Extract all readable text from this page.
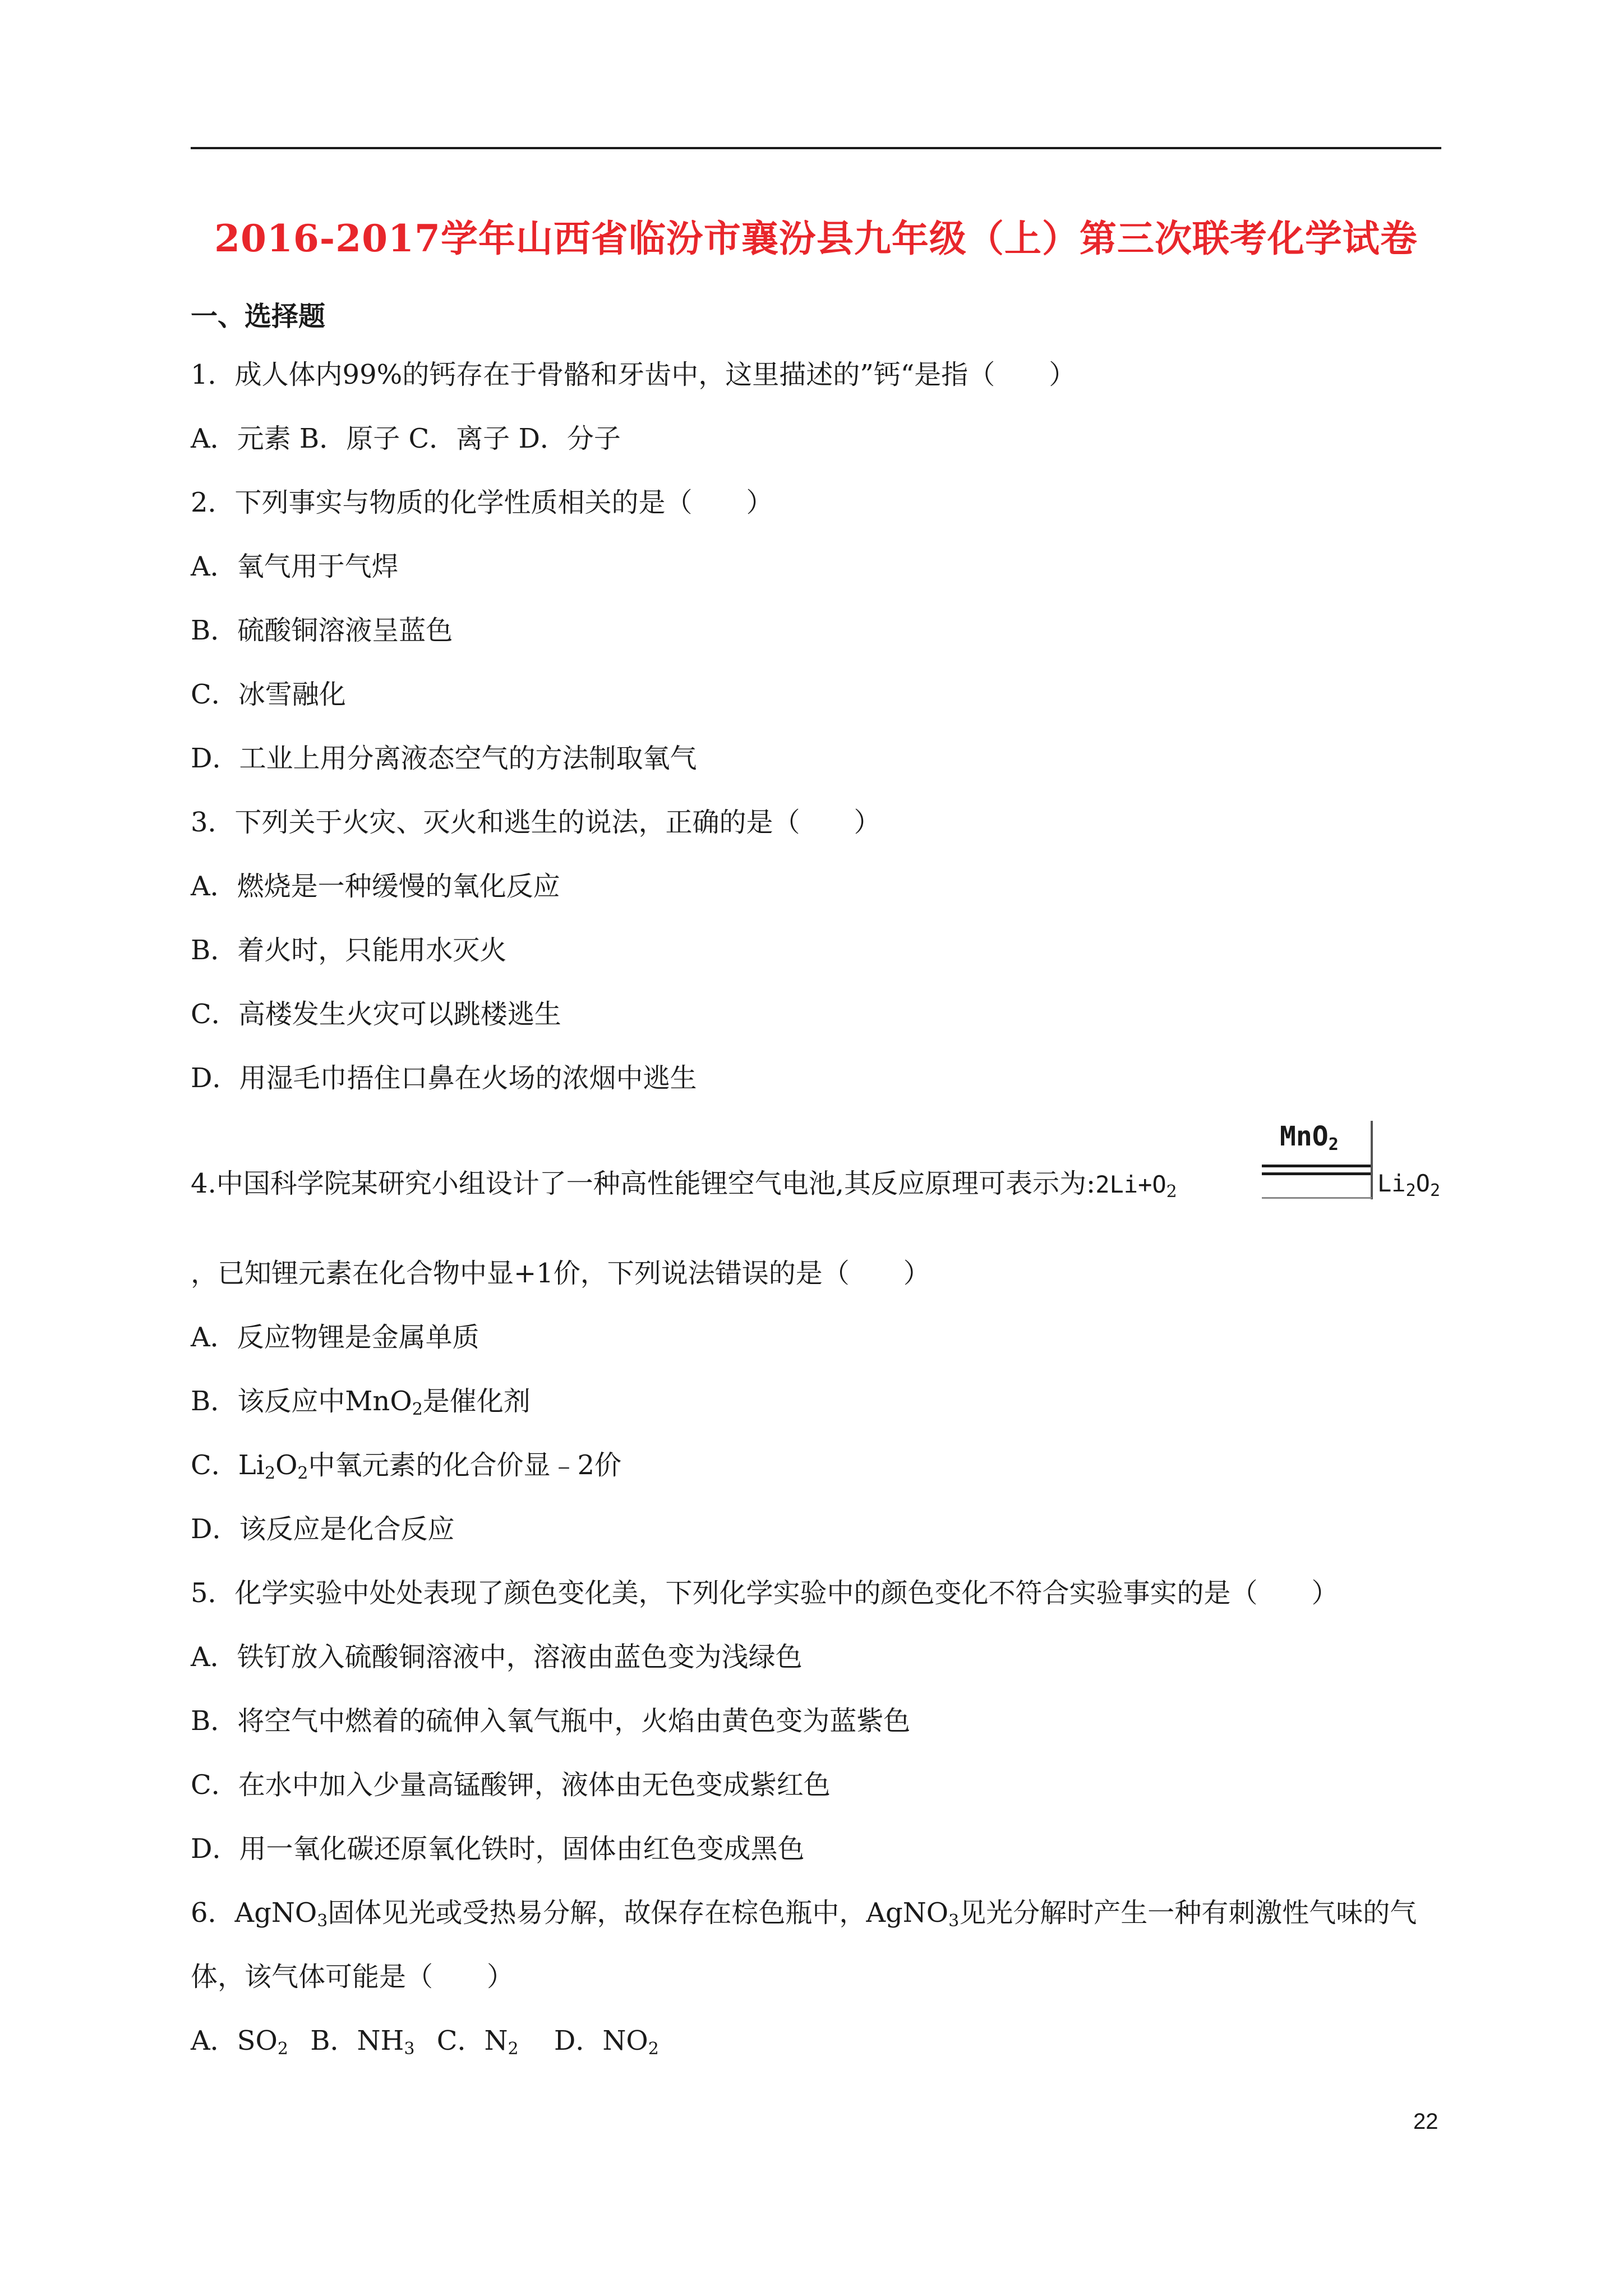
2016-2017学年山西省临汾市襄汾县九年级（上）第三次联考化学试卷
一、选择题
1．成人体内99%的钙存在于骨骼和牙齿中，这里描述的”钙“是指（　　）
A．元素 B．原子 C．离子 D．分子
2．下列事实与物质的化学性质相关的是（　　）
A．氧气用于气焊
B．硫酸铜溶液呈蓝色
C．冰雪融化
D．工业上用分离液态空气的方法制取氧气
3．下列关于火灾、灭火和逃生的说法，正确的是（　　）
A．燃烧是一种缓慢的氧化反应
B．着火时，只能用水灭火
C．高楼发生火灾可以跳楼逃生
D．用湿毛巾捂住口鼻在火场的浓烟中逃生
4.中国科学院某研究小组设计了一种高性能锂空气电池,其反应原理可表示为$:2Li+O_2$
MnO$_2$
$Li_2O_2$
，已知锂元素在化合物中显+1价，下列说法错误的是（　　）
A．反应物锂是金属单质
B．该反应中MnO$_2$是催化剂
C．$Li_2O_2$中氧元素的化合价显﹣2价
D．该反应是化合反应
5．化学实验中处处表现了颜色变化美，下列化学实验中的颜色变化不符合实验事实的是（　　）
A．铁钉放入硫酸铜溶液中，溶液由蓝色变为浅绿色
B．将空气中燃着的硫伸入氧气瓶中，火焰由黄色变为蓝紫色
C．在水中加入少量高锰酸钾，液体由无色变成紫红色
D．用一氧化碳还原氧化铁时，固体由红色变成黑色
6．AgNO$_3$固体见光或受热易分解，故保存在棕色瓶中，AgNO$_3$见光分解时产生一种有刺激性气味的气
体，该气体可能是（　　）
A．$SO_2$  B．$NH_3$  C．$N_2$  D．$NO_2$
22
